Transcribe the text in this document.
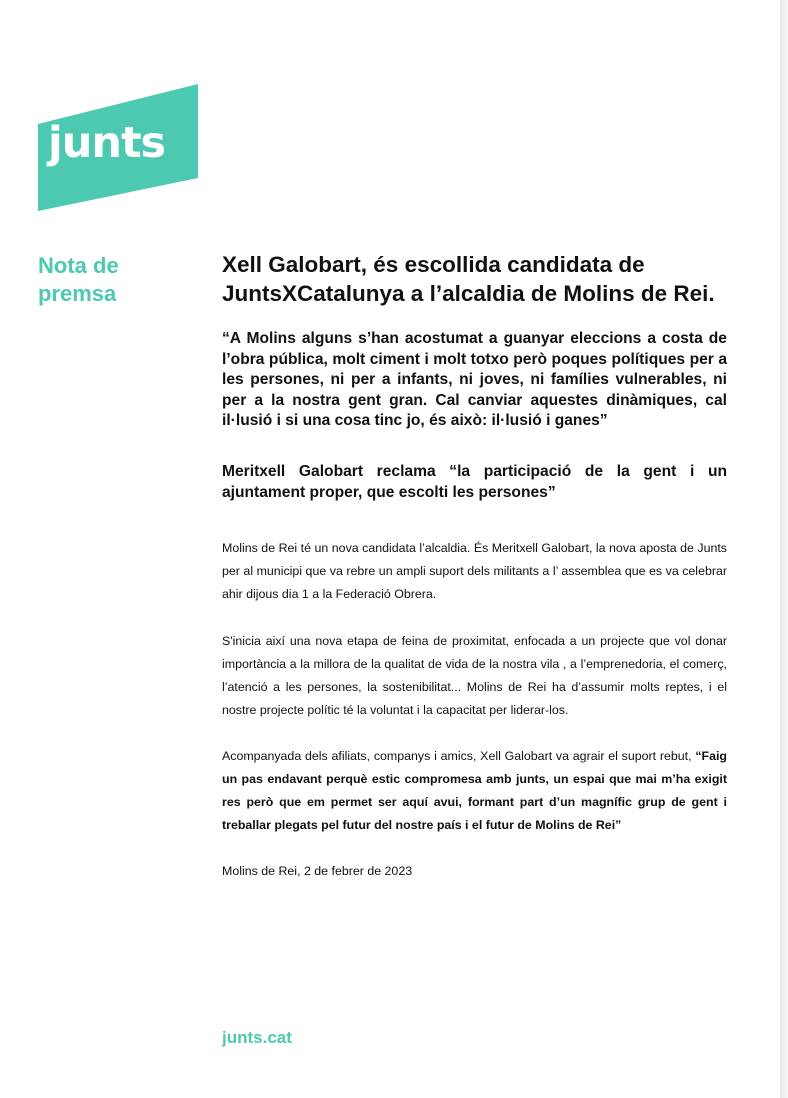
junts
Nota de
premsa
Xell Galobart, és escollida candidata de JuntsXCatalunya a l’alcaldia de Molins de Rei.

“A Molins alguns s’han acostumat a guanyar eleccions a costa de l’obra pública, molt ciment i molt totxo però poques polítiques per a les persones, ni per a infants, ni joves, ni famílies vulnerables, ni per a la nostra gent gran. Cal canviar aquestes dinàmiques, cal il·lusió i si una cosa tinc jo, és això: il·lusió i ganes”

Meritxell Galobart reclama “la participació de la gent i un ajuntament proper, que escolti les persones”

Molins de Rei té un nova candidata l’alcaldia. És Meritxell Galobart, la nova aposta de Junts per al municipi que va rebre un ampli suport dels militants a l’ assemblea que es va celebrar ahir dijous dia 1 a la Federació Obrera.

S'inicia així una nova etapa de feina de proximitat, enfocada a un projecte que vol donar importància a la millora de la qualitat de vida de la nostra vila , a l’emprenedoria, el comerç, l’atenció a les persones, la sostenibilitat... Molins de Rei ha d’assumir molts reptes, i el nostre projecte polític té la voluntat i la capacitat per liderar-los.

Acompanyada dels afiliats, companys i amics, Xell Galobart va agrair el suport rebut, “Faig un pas endavant perquè estic compromesa amb junts, un espai que mai m’ha exigit res però que em permet ser aquí avui, formant part d’un magnífic grup de gent i treballar plegats pel futur del nostre país i el futur de Molins de Rei”

Molins de Rei, 2 de febrer de 2023

junts.cat
